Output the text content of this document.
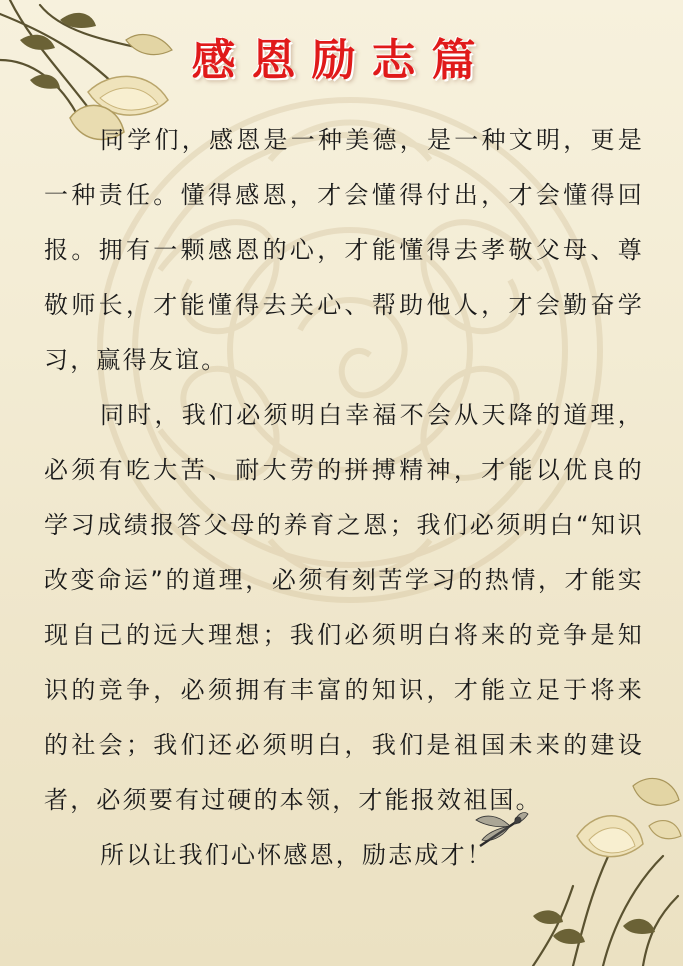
感恩励志篇

同学们，感恩是一种美德，是一种文明，更是一种责任。懂得感恩，才会懂得付出，才会懂得回报。拥有一颗感恩的心，才能懂得去孝敬父母、尊敬师长，才能懂得去关心、帮助他人，才会勤奋学习，赢得友谊。

同时，我们必须明白幸福不会从天降的道理，必须有吃大苦、耐大劳的拼搏精神，才能以优良的学习成绩报答父母的养育之恩；我们必须明白“知识改变命运”的道理，必须有刻苦学习的热情，才能实现自己的远大理想；我们必须明白将来的竞争是知识的竞争，必须拥有丰富的知识，才能立足于将来的社会；我们还必须明白，我们是祖国未来的建设者，必须要有过硬的本领，才能报效祖国。

所以让我们心怀感恩，励志成才！
